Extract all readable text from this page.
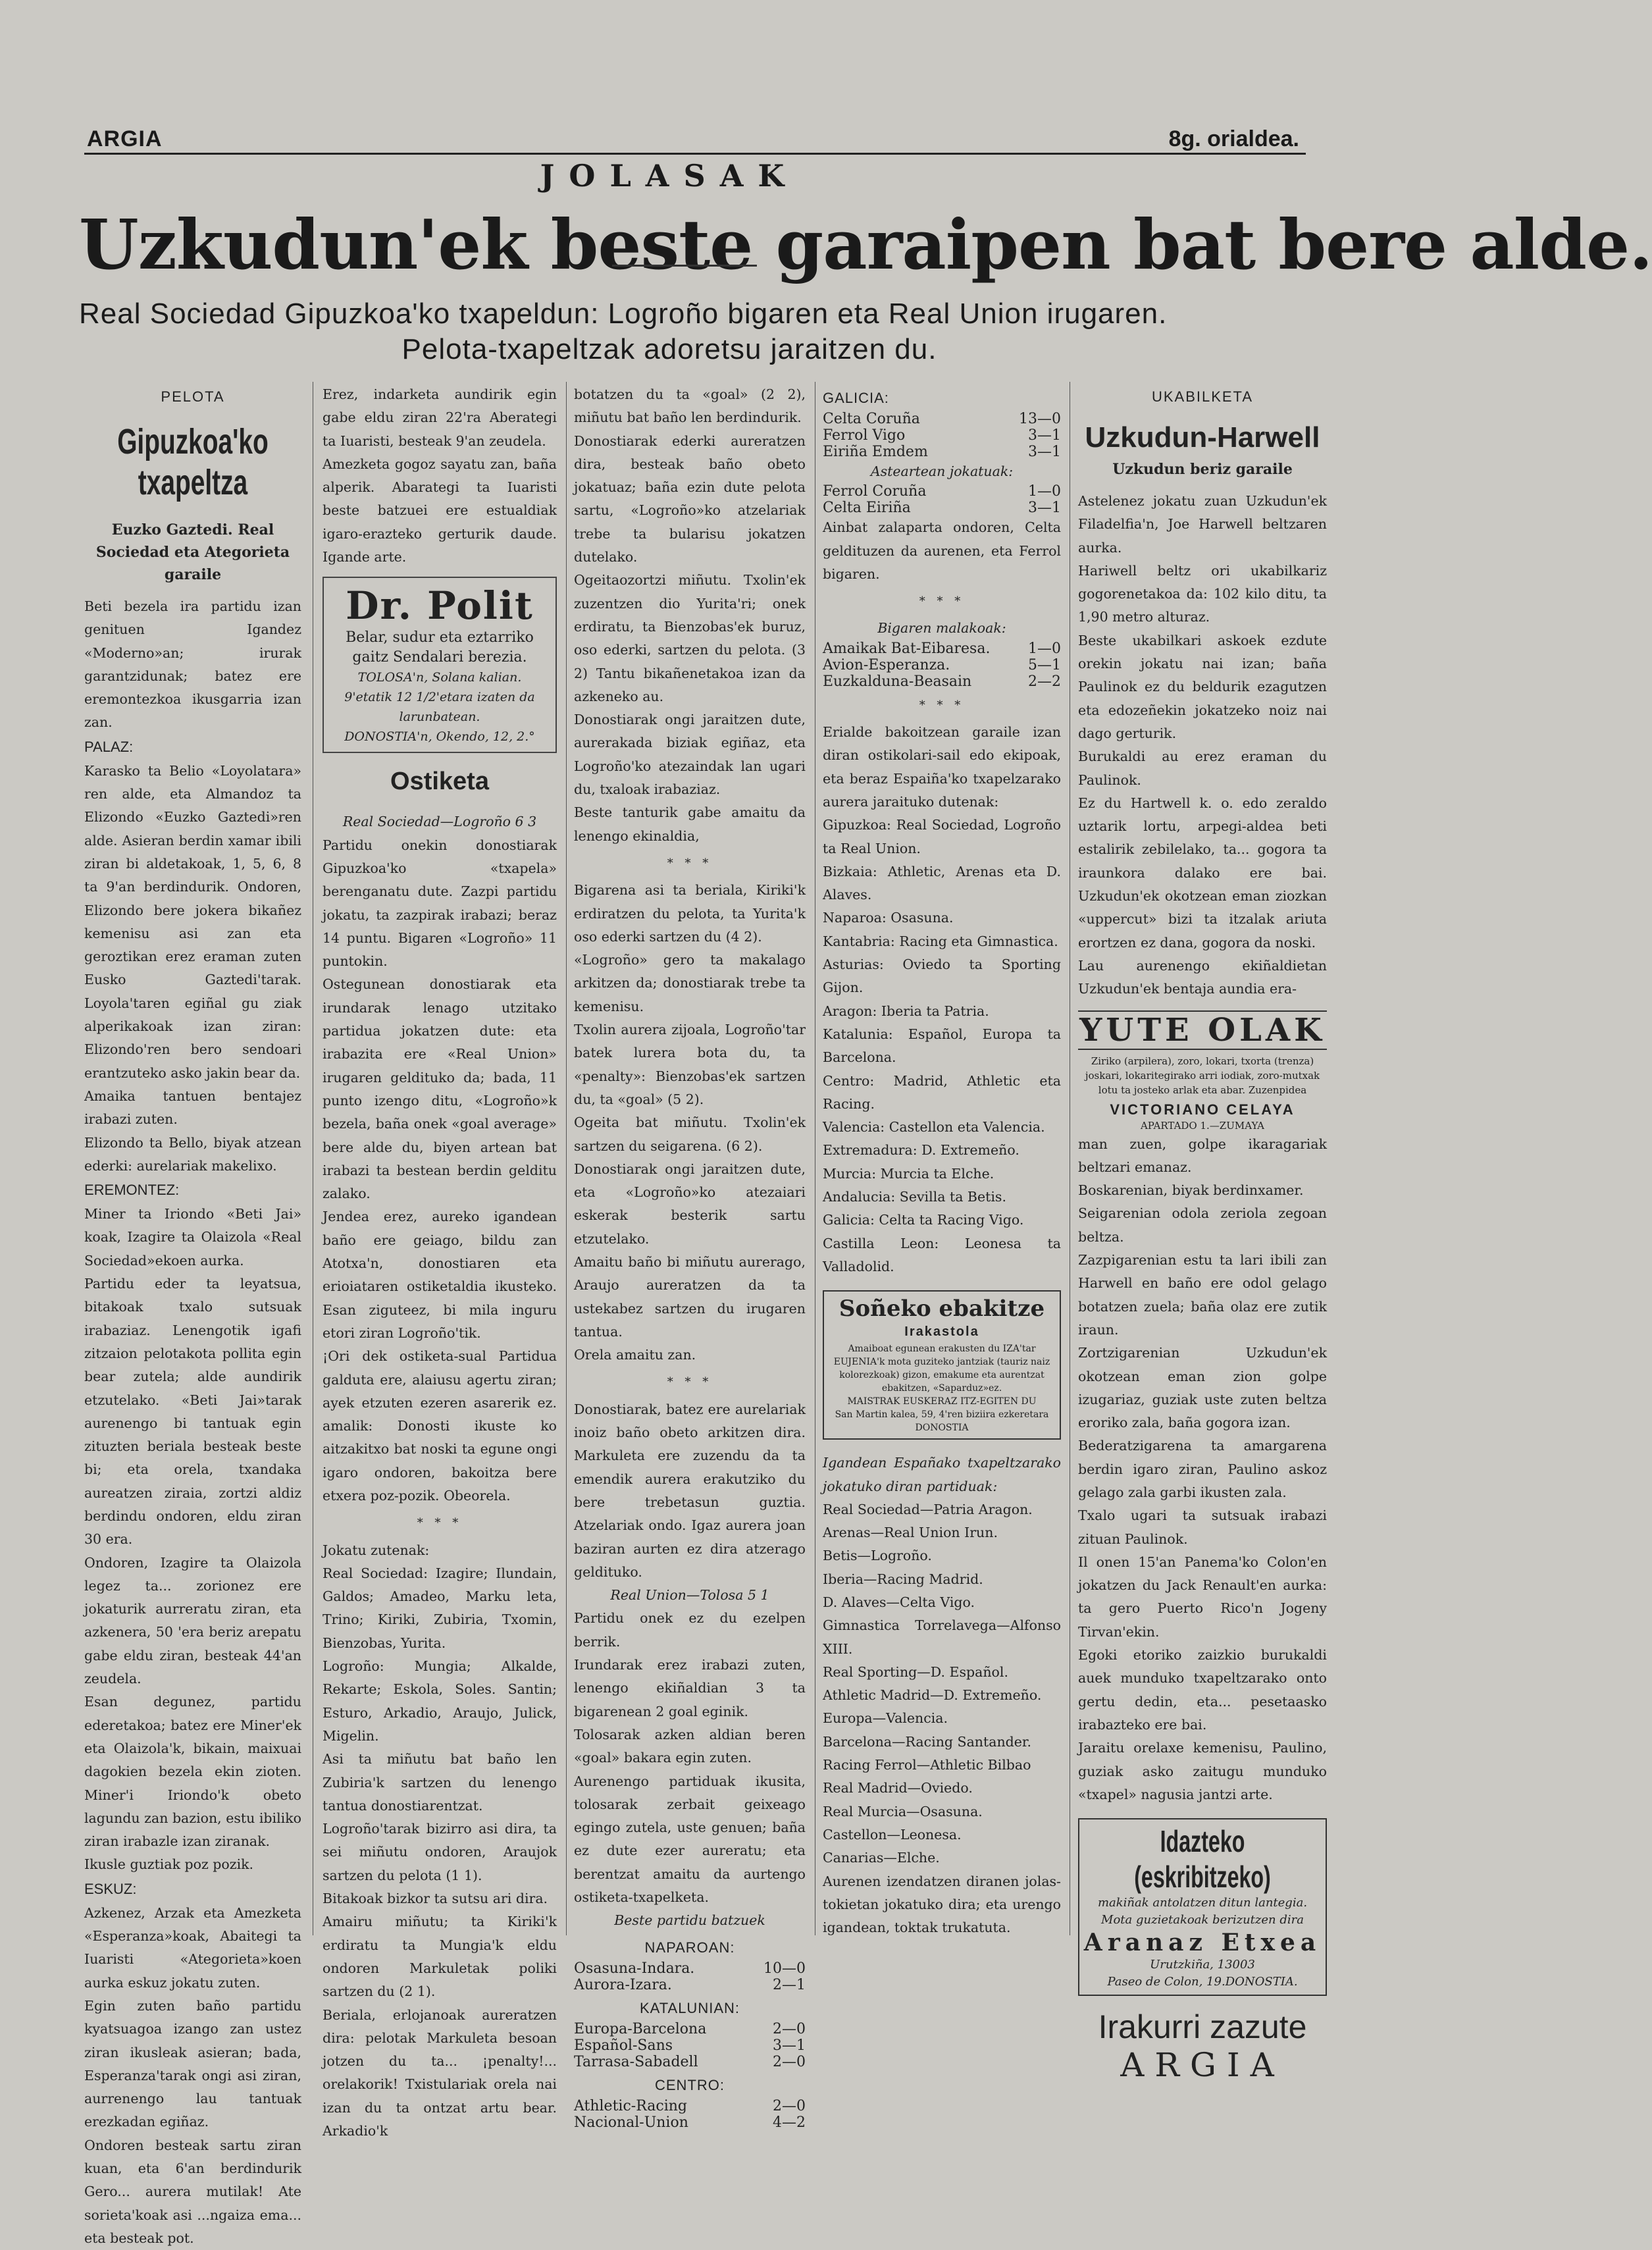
ARGIA	8g. orialdea.
JOLASAK
Uzkudun'ek beste garaipen bat bere alde.
Real Sociedad Gipuzkoa'ko txapeldun: Logroño bigaren eta Real Union irugaren.
Pelota-txapeltzak adoretsu jaraitzen du.
PELOTA
Gipuzkoa'ko txapeltza
Euzko Gaztedi. Real Sociedad eta Ategorieta garaile

Beti bezela ira partidu izan genituen Igandez «Moderno»an; irurak garantzidunak; batez ere eremontezkoa ikusgarria izan zan.

PALAZ:

Karasko ta Belio «Loyolatara» ren alde, eta Almandoz ta Elizondo «Euzko Gaztedi»ren alde. Asieran berdin xamar ibili ziran bi aldetakoak, 1, 5, 6, 8 ta 9'an berdindurik. Ondoren, Elizondo bere jokera bikañez kemenisu asi zan eta geroztikan erez eraman zuten Eusko Gaztedi'tarak. Loyola'taren egiñal gu ziak alperikakoak izan ziran: Elizondo'ren bero sendoari erantzuteko asko jakin bear da.

Amaika tantuen bentajez irabazi zuten.

Elizondo ta Bello, biyak atzean ederki: aurelariak makelixo.

EREMONTEZ:

Miner ta Iriondo «Beti Jai» koak, Izagire ta Olaizola «Real Sociedad»ekoen aurka.

Partidu eder ta leyatsua, bitakoak txalo sutsuak irabaziaz. Lenengotik igafi zitzaion pelotakota pollita egin bear zutela; alde aundirik etzutelako. «Beti Jai»tarak aurenengo bi tantuak egin zituzten beriala besteak beste bi; eta orela, txandaka aureatzen ziraia, zortzi aldiz berdindu ondoren, eldu ziran 30 era.

Ondoren, Izagire ta Olaizola legez ta... zorionez ere jokaturik aurreratu ziran, eta azkenera, 50 'era beriz arepatu gabe eldu ziran, besteak 44'an zeudela.

Esan degunez, partidu ederetakoa; batez ere Miner'ek eta Olaizola'k, bikain, maixuai dagokien bezela ekin zioten. Miner'i Iriondo'k obeto lagundu zan bazion, estu ibiliko ziran irabazle izan ziranak.

Ikusle guztiak poz pozik.

ESKUZ:

Azkenez, Arzak eta Amezketa «Esperanza»koak, Abaitegi ta Iuaristi «Ategorieta»koen aurka eskuz jokatu zuten.

Egin zuten baño partidu kyatsuagoa izango zan ustez ziran ikusleak asieran; bada, Esperanza'tarak ongi asi ziran, aurrenengo lau tantuak erezkadan egiñaz.

Ondoren besteak sartu ziran kuan, eta 6'an berdindurik Gero... aurera mutilak! Ate sorieta'koak asi ...ngaiza ema... eta besteak pot.

Erez, indarketa aundirik egin gabe eldu ziran 22'ra Aberategi ta Iuaristi, besteak 9'an zeudela.

Amezketa gogoz sayatu zan, baña alperik. Abarategi ta Iuaristi beste batzuei ere estualdiak igaro-erazteko gerturik daude. Igande arte.

Dr. Polit
Belar, sudur eta eztarriko
gaitz Sendalari berezia.
TOLOSA'n, Solana kalian.
9'etatik 12 1/2'etara izaten da
larunbatean.
DONOSTIA'n, Okendo, 12, 2.°
Ostiketa
Real Sociedad—Logroño 6 3

Partidu onekin donostiarak Gipuzkoa'ko «txapela» berenganatu dute. Zazpi partidu jokatu, ta zazpirak irabazi; beraz 14 puntu. Bigaren «Logroño» 11 puntokin.

Ostegunean donostiarak eta irundarak lenago utzitako partidua jokatzen dute: eta irabazita ere «Real Union» irugaren geldituko da; bada, 11 punto izengo ditu, «Logroño»k bezela, baña onek «goal average» bere alde du, biyen artean bat irabazi ta bestean berdin gelditu zalako.

Jendea erez, aureko igandean baño ere geiago, bildu zan Atotxa'n, donostiaren eta erioiataren ostiketaldia ikusteko. Esan ziguteez, bi mila inguru etori ziran Logroño'tik.

¡Ori dek ostiketa-sual Partidua galduta ere, alaiusu agertu ziran; ayek etzuten ezeren asarerik ez. amalik: Donosti ikuste ko aitzakitxo bat noski ta egune ongi igaro ondoren, bakoitza bere etxera poz-pozik. Obeorela.

* * *

Jokatu zutenak:

Real Sociedad: Izagire; Ilundain, Galdos; Amadeo, Marku leta, Trino; Kiriki, Zubiria, Txomin, Bienzobas, Yurita.

Logroño: Mungia; Alkalde, Rekarte; Eskola, Soles. Santin; Esturo, Arkadio, Araujo, Julick, Migelin.

Asi ta miñutu bat baño len Zubiria'k sartzen du lenengo tantua donostiarentzat.

Logroño'tarak bizirro asi dira, ta sei miñutu ondoren, Araujok sartzen du pelota (1 1).

Bitakoak bizkor ta sutsu ari dira.

Amairu miñutu; ta Kiriki'k erdiratu ta Mungia'k eldu ondoren Markuletak poliki sartzen du (2 1).

Beriala, erlojanoak aureratzen dira: pelotak Markuleta besoan jotzen du ta... ¡penalty!... orelakorik! Txistulariak orela nai izan du ta ontzat artu bear. Arkadio'k

botatzen du ta «goal» (2 2), miñutu bat baño len berdindurik.

Donostiarak ederki aureratzen dira, besteak baño obeto jokatuaz; baña ezin dute pelota sartu, «Logroño»ko atzelariak trebe ta bularisu jokatzen dutelako.

Ogeitaozortzi miñutu. Txolin'ek zuzentzen dio Yurita'ri; onek erdiratu, ta Bienzobas'ek buruz, oso ederki, sartzen du pelota. (3 2) Tantu bikañenetakoa izan da azkeneko au.

Donostiarak ongi jaraitzen dute, aurerakada biziak egiñaz, eta Logroño'ko atezaindak lan ugari du, txaloak irabaziaz.

Beste tanturik gabe amaitu da lenengo ekinaldia,

* * *

Bigarena asi ta beriala, Kiriki'k erdiratzen du pelota, ta Yurita'k oso ederki sartzen du (4 2).

«Logroño» gero ta makalago arkitzen da; donostiarak trebe ta kemenisu.

Txolin aurera zijoala, Logroño'tar batek lurera bota du, ta «penalty»: Bienzobas'ek sartzen du, ta «goal» (5 2).

Ogeita bat miñutu. Txolin'ek sartzen du seigarena. (6 2).

Donostiarak ongi jaraitzen dute, eta «Logroño»ko atezaiari eskerak besterik sartu etzutelako.

Amaitu baño bi miñutu aurerago, Araujo aureratzen da ta ustekabez sartzen du irugaren tantua.

Orela amaitu zan.

* * *

Donostiarak, batez ere aurelariak inoiz baño obeto arkitzen dira. Markuleta ere zuzendu da ta emendik aurera erakutziko du bere trebetasun guztia. Atzelariak ondo. Igaz aurera joan baziran aurten ez dira atzerago geldituko.

Real Union—Tolosa 5 1

Partidu onek ez du ezelpen berrik.

Irundarak erez irabazi zuten, lenengo ekiñaldian 3 ta bigarenean 2 goal eginik.

Tolosarak azken aldian beren «goal» bakara egin zuten.

Aurenengo partiduak ikusita, tolosarak zerbait geixeago egingo zutela, uste genuen; baña ez dute ezer aureratu; eta berentzat amaitu da aurtengo ostiketa-txapelketa.

Beste partidu batzuek
NAPAROAN:
Osasuna-Indara.	10—0
Aurora-Izara.	2—1
KATALUNIAN:
Europa-Barcelona	2—0
Español-Sans	3—1
Tarrasa-Sabadell	2—0
CENTRO:
Athletic-Racing	2—0
Nacional-Union	4—2
GALICIA:
Celta Coruña	13—0
Ferrol Vigo	3—1
Eiriña Emdem	3—1
Asteartean jokatuak:
Ferrol Coruña	1—0
Celta Eiriña	3—1

Ainbat zalaparta ondoren, Celta geldituzen da aurenen, eta Ferrol bigaren.

* * *
Bigaren malakoak:
Amaikak Bat-Eibaresa.	1—0
Avion-Esperanza.	5—1
Euzkalduna-Beasain	2—2
* * *

Erialde bakoitzean garaile izan diran ostikolari-sail edo ekipoak, eta beraz Espaiña'ko txapelzarako aurera jaraituko dutenak:

Gipuzkoa: Real Sociedad, Logroño ta Real Union.

Bizkaia: Athletic, Arenas eta D. Alaves.

Naparoa: Osasuna.

Kantabria: Racing eta Gimnastica.

Asturias: Oviedo ta Sporting Gijon.

Aragon: Iberia ta Patria.

Katalunia: Español, Europa ta Barcelona.

Centro: Madrid, Athletic eta Racing.

Valencia: Castellon eta Valencia.

Extremadura: D. Extremeño.

Murcia: Murcia ta Elche.

Andalucia: Sevilla ta Betis.

Galicia: Celta ta Racing Vigo.

Castilla Leon: Leonesa ta Valladolid.

Soñeko ebakitze
Irakastola
Amaiboat egunean erakusten du IZA'tar EUJENIA'k mota guziteko jantziak (tauriz naiz kolorezkoak) gizon, emakume eta aurentzat ebakitzen, «Saparduz»ez.
MAISTRAK EUSKERAZ ITZ-EGITEN DU
San Martin kalea, 59, 4'ren biziira ezkeretara
DONOSTIA

Igandean Españako txapeltzarako jokatuko diran partiduak:

Real Sociedad—Patria Aragon.

Arenas—Real Union Irun.

Betis—Logroño.

Iberia—Racing Madrid.

D. Alaves—Celta Vigo.

Gimnastica Torrelavega—Alfonso XIII.

Real Sporting—D. Español.

Athletic Madrid—D. Extremeño.

Europa—Valencia.

Barcelona—Racing Santander.

Racing Ferrol—Athletic Bilbao

Real Madrid—Oviedo.

Real Murcia—Osasuna.

Castellon—Leonesa.

Canarias—Elche.

Aurenen izendatzen diranen jolas-tokietan jokatuko dira; eta urengo igandean, toktak trukatuta.

UKABILKETA
Uzkudun-Harwell
Uzkudun beriz garaile

Astelenez jokatu zuan Uzkudun'ek Filadelfia'n, Joe Harwell beltzaren aurka.

Hariwell beltz ori ukabilkariz gogorenetakoa da: 102 kilo ditu, ta 1,90 metro alturaz.

Beste ukabilkari askoek ezdute orekin jokatu nai izan; baña Paulinok ez du beldurik ezagutzen eta edozeñekin jokatzeko noiz nai dago gerturik.

Burukaldi au erez eraman du Paulinok.

Ez du Hartwell k. o. edo zeraldo uztarik lortu, arpegi-aldea beti estalirik zebilelako, ta... gogora ta iraunkora dalako ere bai. Uzkudun'ek okotzean eman ziozkan «uppercut» bizi ta itzalak ariuta erortzen ez dana, gogora da noski.

Lau aurenengo ekiñaldietan Uzkudun'ek bentaja aundia era-

YUTE OLAK
Ziriko (arpilera), zoro, lokari, txorta (trenza) joskari, lokaritegirako arri iodiak, zoro-mutxak lotu ta josteko arlak eta abar. Zuzenpidea
VICTORIANO CELAYA
APARTADO 1.—ZUMAYA

man zuen, golpe ikaragariak beltzari emanaz.

Boskarenian, biyak berdinxamer.

Seigarenian odola zeriola zegoan beltza.

Zazpigarenian estu ta lari ibili zan Harwell en baño ere odol gelago botatzen zuela; baña olaz ere zutik iraun.

Zortzigarenian Uzkudun'ek okotzean eman zion golpe izugariaz, guziak uste zuten beltza eroriko zala, baña gogora izan.

Bederatzigarena ta amargarena berdin igaro ziran, Paulino askoz gelago zala garbi ikusten zala.

Txalo ugari ta sutsuak irabazi zituan Paulinok.

Il onen 15'an Panema'ko Colon'en jokatzen du Jack Renault'en aurka: ta gero Puerto Rico'n Jogeny Tirvan'ekin.

Egoki etoriko zaizkio burukaldi auek munduko txapeltzarako onto gertu dedin, eta... pesetaasko irabazteko ere bai.

Jaraitu orelaxe kemenisu, Paulino, guziak asko zaitugu munduko «txapel» nagusia jantzi arte.

Idazteko (eskribitzeko)
makiñak antolatzen ditun lantegia.
Mota guzietakoak berizutzen dira
Aranaz Etxea
Urutzkiña, 13003
Paseo de Colon, 19.DONOSTIA.
Irakurri zazute
ARGIA
